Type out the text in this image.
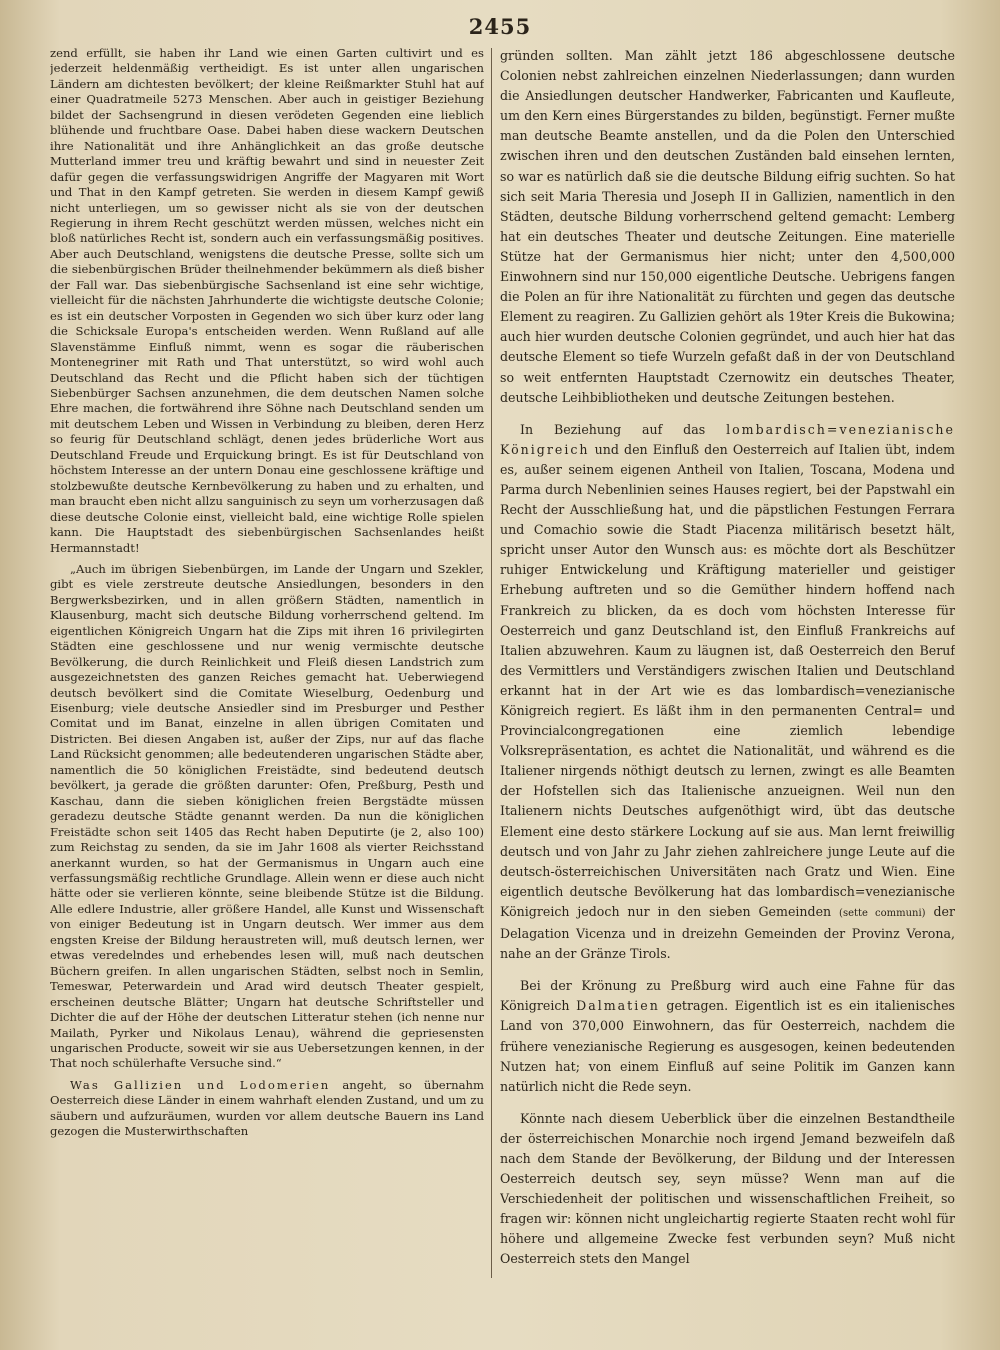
2455

zend erfüllt, sie haben ihr Land wie einen Garten cultivirt und es jederzeit heldenmäßig vertheidigt. Es ist unter allen ungarischen Ländern am dichtesten bevölkert; der kleine Reißmarkter Stuhl hat auf einer Quadratmeile 5273 Menschen. Aber auch in geistiger Beziehung bildet der Sachsengrund in diesen verödeten Gegenden eine lieblich blühende und fruchtbare Oase. Dabei haben diese wackern Deutschen ihre Nationalität und ihre Anhänglichkeit an das große deutsche Mutterland immer treu und kräftig bewahrt und sind in neuester Zeit dafür gegen die verfassungswidrigen Angriffe der Magyaren mit Wort und That in den Kampf getreten. Sie werden in diesem Kampf gewiß nicht unterliegen, um so gewisser nicht als sie von der deutschen Regierung in ihrem Recht geschützt werden müssen, welches nicht ein bloß natürliches Recht ist, sondern auch ein verfassungsmäßig positives. Aber auch Deutschland, wenigstens die deutsche Presse, sollte sich um die siebenbürgischen Brüder theilnehmender bekümmern als dieß bisher der Fall war. Das siebenbürgische Sachsenland ist eine sehr wichtige, vielleicht für die nächsten Jahrhunderte die wichtigste deutsche Colonie; es ist ein deutscher Vorposten in Gegenden wo sich über kurz oder lang die Schicksale Europa's entscheiden werden. Wenn Rußland auf alle Slavenstämme Einfluß nimmt, wenn es sogar die räuberischen Montenegriner mit Rath und That unterstützt, so wird wohl auch Deutschland das Recht und die Pflicht haben sich der tüchtigen Siebenbürger Sachsen anzunehmen, die dem deutschen Namen solche Ehre machen, die fortwährend ihre Söhne nach Deutschland senden um mit deutschem Leben und Wissen in Verbindung zu bleiben, deren Herz so feurig für Deutschland schlägt, denen jedes brüderliche Wort aus Deutschland Freude und Erquickung bringt. Es ist für Deutschland von höchstem Interesse an der untern Donau eine geschlossene kräftige und stolzbewußte deutsche Kernbevölkerung zu haben und zu erhalten, und man braucht eben nicht allzu sanguinisch zu seyn um vorherzusagen daß diese deutsche Colonie einst, vielleicht bald, eine wichtige Rolle spielen kann. Die Hauptstadt des siebenbürgischen Sachsenlandes heißt Hermannstadt!

„Auch im übrigen Siebenbürgen, im Lande der Ungarn und Szekler, gibt es viele zerstreute deutsche Ansiedlungen, besonders in den Bergwerksbezirken, und in allen größern Städten, namentlich in Klausenburg, macht sich deutsche Bildung vorherrschend geltend. Im eigentlichen Königreich Ungarn hat die Zips mit ihren 16 privilegirten Städten eine geschlossene und nur wenig vermischte deutsche Bevölkerung, die durch Reinlichkeit und Fleiß diesen Landstrich zum ausgezeichnetsten des ganzen Reiches gemacht hat. Ueberwiegend deutsch bevölkert sind die Comitate Wieselburg, Oedenburg und Eisenburg; viele deutsche Ansiedler sind im Presburger und Pesther Comitat und im Banat, einzelne in allen übrigen Comitaten und Districten. Bei diesen Angaben ist, außer der Zips, nur auf das flache Land Rücksicht genommen; alle bedeutenderen ungarischen Städte aber, namentlich die 50 königlichen Freistädte, sind bedeutend deutsch bevölkert, ja gerade die größten darunter: Ofen, Preßburg, Pesth und Kaschau, dann die sieben königlichen freien Bergstädte müssen geradezu deutsche Städte genannt werden. Da nun die königlichen Freistädte schon seit 1405 das Recht haben Deputirte (je 2, also 100) zum Reichstag zu senden, da sie im Jahr 1608 als vierter Reichsstand anerkannt wurden, so hat der Germanismus in Ungarn auch eine verfassungsmäßig rechtliche Grundlage. Allein wenn er diese auch nicht hätte oder sie verlieren könnte, seine bleibende Stütze ist die Bildung. Alle edlere Industrie, aller größere Handel, alle Kunst und Wissenschaft von einiger Bedeutung ist in Ungarn deutsch. Wer immer aus dem engsten Kreise der Bildung heraustreten will, muß deutsch lernen, wer etwas veredelndes und erhebendes lesen will, muß nach deutschen Büchern greifen. In allen ungarischen Städten, selbst noch in Semlin, Temeswar, Peterwardein und Arad wird deutsch Theater gespielt, erscheinen deutsche Blätter; Ungarn hat deutsche Schriftsteller und Dichter die auf der Höhe der deutschen Litteratur stehen (ich nenne nur Mailath, Pyrker und Nikolaus Lenau), während die gepriesensten ungarischen Producte, soweit wir sie aus Uebersetzungen kennen, in der That noch schülerhafte Versuche sind.“

Was Gallizien und Lodomerien angeht, so übernahm Oesterreich diese Länder in einem wahrhaft elenden Zustand, und um zu säubern und aufzuräumen, wurden vor allem deutsche Bauern ins Land gezogen die Musterwirthschaften

gründen sollten. Man zählt jetzt 186 abgeschlossene deutsche Colonien nebst zahlreichen einzelnen Niederlassungen; dann wurden die Ansiedlungen deutscher Handwerker, Fabricanten und Kaufleute, um den Kern eines Bürgerstandes zu bilden, begünstigt. Ferner mußte man deutsche Beamte anstellen, und da die Polen den Unterschied zwischen ihren und den deutschen Zuständen bald einsehen lernten, so war es natürlich daß sie die deutsche Bildung eifrig suchten. So hat sich seit Maria Theresia und Joseph II in Gallizien, namentlich in den Städten, deutsche Bildung vorherrschend geltend gemacht: Lemberg hat ein deutsches Theater und deutsche Zeitungen. Eine materielle Stütze hat der Germanismus hier nicht; unter den 4,500,000 Einwohnern sind nur 150,000 eigentliche Deutsche. Uebrigens fangen die Polen an für ihre Nationalität zu fürchten und gegen das deutsche Element zu reagiren. Zu Gallizien gehört als 19ter Kreis die Bukowina; auch hier wurden deutsche Colonien gegründet, und auch hier hat das deutsche Element so tiefe Wurzeln gefaßt daß in der von Deutschland so weit entfernten Hauptstadt Czernowitz ein deutsches Theater, deutsche Leihbibliotheken und deutsche Zeitungen bestehen.

In Beziehung auf das lombardisch=venezianische Königreich und den Einfluß den Oesterreich auf Italien übt, indem es, außer seinem eigenen Antheil von Italien, Toscana, Modena und Parma durch Nebenlinien seines Hauses regiert, bei der Papstwahl ein Recht der Ausschließung hat, und die päpstlichen Festungen Ferrara und Comachio sowie die Stadt Piacenza militärisch besetzt hält, spricht unser Autor den Wunsch aus: es möchte dort als Beschützer ruhiger Entwickelung und Kräftigung materieller und geistiger Erhebung auftreten und so die Gemüther hindern hoffend nach Frankreich zu blicken, da es doch vom höchsten Interesse für Oesterreich und ganz Deutschland ist, den Einfluß Frankreichs auf Italien abzuwehren. Kaum zu läugnen ist, daß Oesterreich den Beruf des Vermittlers und Verständigers zwischen Italien und Deutschland erkannt hat in der Art wie es das lombardisch=venezianische Königreich regiert. Es läßt ihm in den permanenten Central= und Provincialcongregationen eine ziemlich lebendige Volksrepräsentation, es achtet die Nationalität, und während es die Italiener nirgends nöthigt deutsch zu lernen, zwingt es alle Beamten der Hofstellen sich das Italienische anzueignen. Weil nun den Italienern nichts Deutsches aufgenöthigt wird, übt das deutsche Element eine desto stärkere Lockung auf sie aus. Man lernt freiwillig deutsch und von Jahr zu Jahr ziehen zahlreichere junge Leute auf die deutsch-österreichischen Universitäten nach Gratz und Wien. Eine eigentlich deutsche Bevölkerung hat das lombardisch=venezianische Königreich jedoch nur in den sieben Gemeinden (sette communi) der Delagation Vicenza und in dreizehn Gemeinden der Provinz Verona, nahe an der Gränze Tirols.

Bei der Krönung zu Preßburg wird auch eine Fahne für das Königreich Dalmatien getragen. Eigentlich ist es ein italienisches Land von 370,000 Einwohnern, das für Oesterreich, nachdem die frühere venezianische Regierung es ausgesogen, keinen bedeutenden Nutzen hat; von einem Einfluß auf seine Politik im Ganzen kann natürlich nicht die Rede seyn.

Könnte nach diesem Ueberblick über die einzelnen Bestandtheile der österreichischen Monarchie noch irgend Jemand bezweifeln daß nach dem Stande der Bevölkerung, der Bildung und der Interessen Oesterreich deutsch sey, seyn müsse? Wenn man auf die Verschiedenheit der politischen und wissenschaftlichen Freiheit, so fragen wir: können nicht ungleichartig regierte Staaten recht wohl für höhere und allgemeine Zwecke fest verbunden seyn? Muß nicht Oesterreich stets den Mangel
